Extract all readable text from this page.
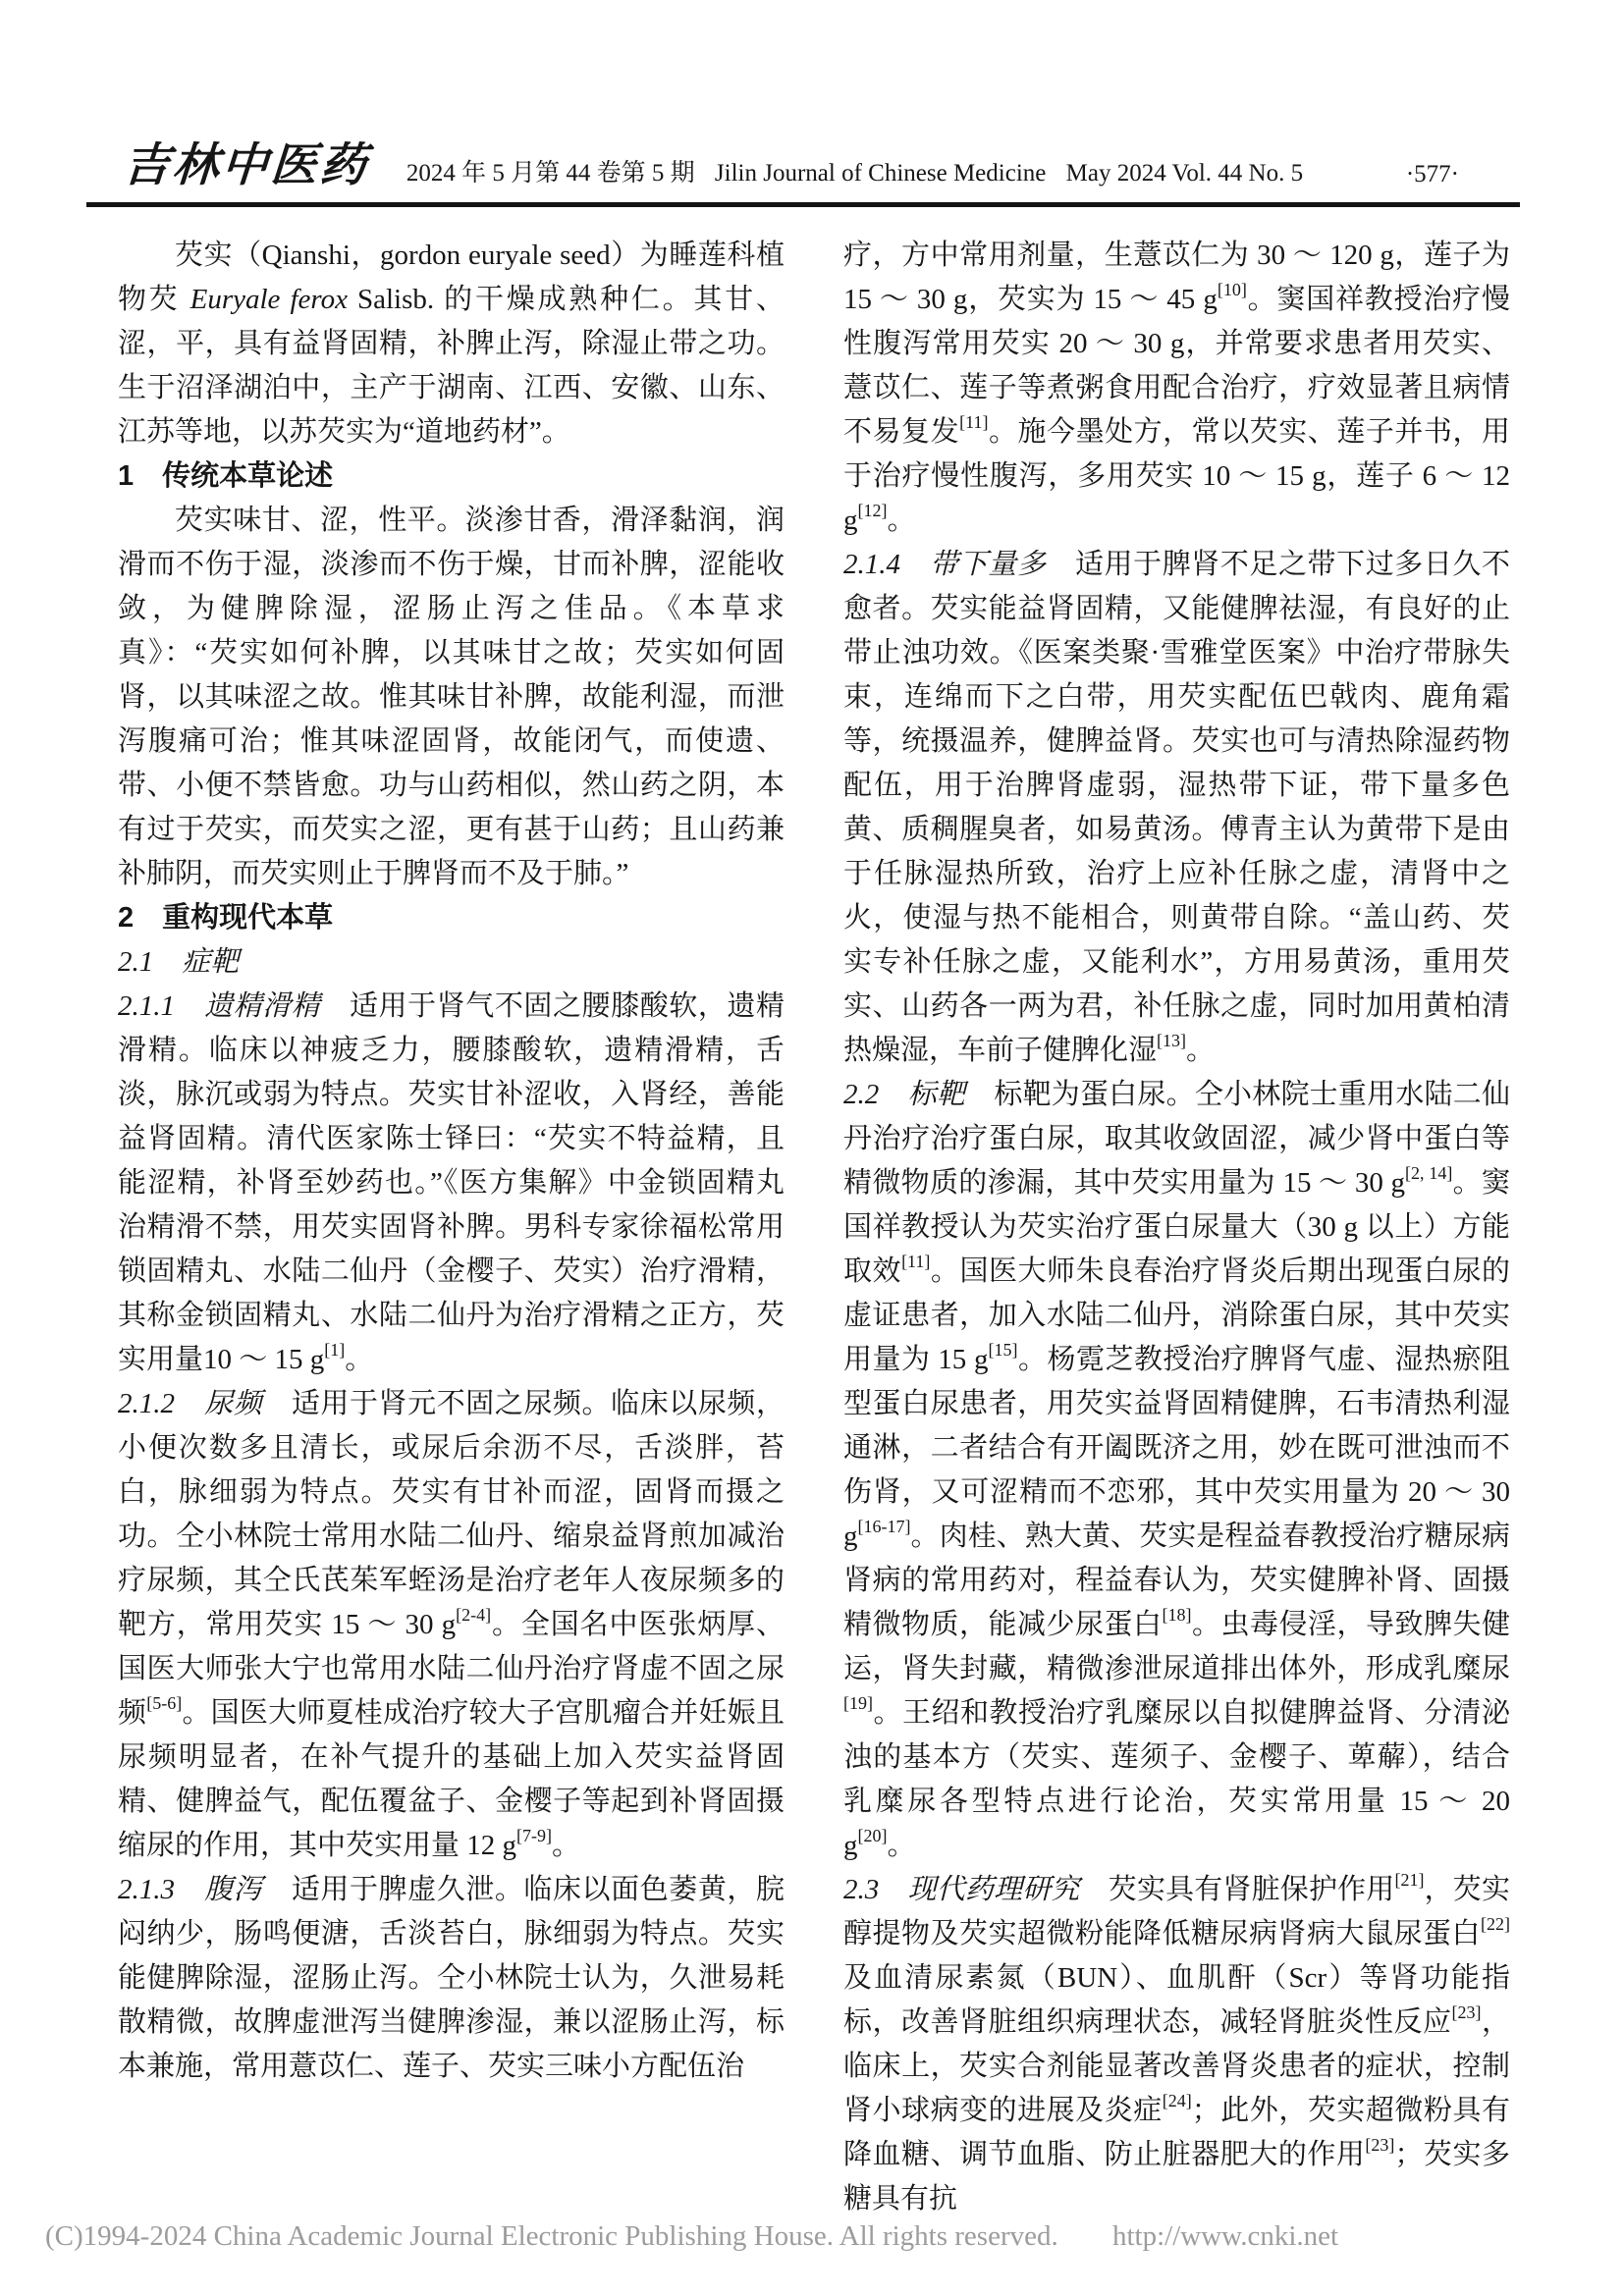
吉林中医药	2024 年 5 月第 44 卷第 5 期 Jilin Journal of Chinese Medicine May 2024 Vol. 44 No. 5	·577·

芡实（Qianshi，gordon euryale seed）为睡莲科植物芡 Euryale ferox Salisb. 的干燥成熟种仁。其甘、涩，平，具有益肾固精，补脾止泻，除湿止带之功。生于沼泽湖泊中，主产于湖南、江西、安徽、山东、江苏等地，以苏芡实为“道地药材”。

1　传统本草论述

芡实味甘、涩，性平。淡渗甘香，滑泽黏润，润滑而不伤于湿，淡渗而不伤于燥，甘而补脾，涩能收敛，为健脾除湿，涩肠止泻之佳品。《本草求真》：“芡实如何补脾，以其味甘之故；芡实如何固肾，以其味涩之故。惟其味甘补脾，故能利湿，而泄泻腹痛可治；惟其味涩固肾，故能闭气，而使遗、带、小便不禁皆愈。功与山药相似，然山药之阴，本有过于芡实，而芡实之涩，更有甚于山药；且山药兼补肺阴，而芡实则止于脾肾而不及于肺。”

2　重构现代本草
2.1　症靶

2.1.1　遗精滑精　适用于肾气不固之腰膝酸软，遗精滑精。临床以神疲乏力，腰膝酸软，遗精滑精，舌淡，脉沉或弱为特点。芡实甘补涩收，入肾经，善能益肾固精。清代医家陈士铎曰：“芡实不特益精，且能涩精，补肾至妙药也。”《医方集解》中金锁固精丸治精滑不禁，用芡实固肾补脾。男科专家徐福松常用锁固精丸、水陆二仙丹（金樱子、芡实）治疗滑精，其称金锁固精丸、水陆二仙丹为治疗滑精之正方，芡实用量10 ～ 15 g[1]。

2.1.2　尿频　适用于肾元不固之尿频。临床以尿频，小便次数多且清长，或尿后余沥不尽，舌淡胖，苔白，脉细弱为特点。芡实有甘补而涩，固肾而摄之功。仝小林院士常用水陆二仙丹、缩泉益肾煎加减治疗尿频，其仝氏芪茱军蛭汤是治疗老年人夜尿频多的靶方，常用芡实 15 ～ 30 g[2-4]。全国名中医张炳厚、国医大师张大宁也常用水陆二仙丹治疗肾虚不固之尿频[5-6]。国医大师夏桂成治疗较大子宫肌瘤合并妊娠且尿频明显者，在补气提升的基础上加入芡实益肾固精、健脾益气，配伍覆盆子、金樱子等起到补肾固摄缩尿的作用，其中芡实用量 12 g[7-9]。

2.1.3　腹泻　适用于脾虚久泄。临床以面色萎黄，脘闷纳少，肠鸣便溏，舌淡苔白，脉细弱为特点。芡实能健脾除湿，涩肠止泻。仝小林院士认为，久泄易耗散精微，故脾虚泄泻当健脾渗湿，兼以涩肠止泻，标本兼施，常用薏苡仁、莲子、芡实三味小方配伍治

疗，方中常用剂量，生薏苡仁为 30 ～ 120 g，莲子为15 ～ 30 g，芡实为 15 ～ 45 g[10]。窦国祥教授治疗慢性腹泻常用芡实 20 ～ 30 g，并常要求患者用芡实、薏苡仁、莲子等煮粥食用配合治疗，疗效显著且病情不易复发[11]。施今墨处方，常以芡实、莲子并书，用于治疗慢性腹泻，多用芡实 10 ～ 15 g，莲子 6 ～ 12 g[12]。

2.1.4　带下量多　适用于脾肾不足之带下过多日久不愈者。芡实能益肾固精，又能健脾祛湿，有良好的止带止浊功效。《医案类聚·雪雅堂医案》中治疗带脉失束，连绵而下之白带，用芡实配伍巴戟肉、鹿角霜等，统摄温养，健脾益肾。芡实也可与清热除湿药物配伍，用于治脾肾虚弱，湿热带下证，带下量多色黄、质稠腥臭者，如易黄汤。傅青主认为黄带下是由于任脉湿热所致，治疗上应补任脉之虚，清肾中之火，使湿与热不能相合，则黄带自除。“盖山药、芡实专补任脉之虚，又能利水”，方用易黄汤，重用芡实、山药各一两为君，补任脉之虚，同时加用黄柏清热燥湿，车前子健脾化湿[13]。

2.2　标靶　标靶为蛋白尿。仝小林院士重用水陆二仙丹治疗治疗蛋白尿，取其收敛固涩，减少肾中蛋白等精微物质的渗漏，其中芡实用量为 15 ～ 30 g[2, 14]。窦国祥教授认为芡实治疗蛋白尿量大（30 g 以上）方能取效[11]。国医大师朱良春治疗肾炎后期出现蛋白尿的虚证患者，加入水陆二仙丹，消除蛋白尿，其中芡实用量为 15 g[15]。杨霓芝教授治疗脾肾气虚、湿热瘀阻型蛋白尿患者，用芡实益肾固精健脾，石韦清热利湿通淋，二者结合有开阖既济之用，妙在既可泄浊而不伤肾，又可涩精而不恋邪，其中芡实用量为 20 ～ 30 g[16-17]。肉桂、熟大黄、芡实是程益春教授治疗糖尿病肾病的常用药对，程益春认为，芡实健脾补肾、固摄精微物质，能减少尿蛋白[18]。虫毒侵淫，导致脾失健运，肾失封藏，精微渗泄尿道排出体外，形成乳糜尿[19]。王绍和教授治疗乳糜尿以自拟健脾益肾、分清泌浊的基本方（芡实、莲须子、金樱子、萆薢），结合乳糜尿各型特点进行论治，芡实常用量 15 ～ 20 g[20]。

2.3　现代药理研究　芡实具有肾脏保护作用[21]，芡实醇提物及芡实超微粉能降低糖尿病肾病大鼠尿蛋白[22]及血清尿素氮（BUN）、血肌酐（Scr）等肾功能指标，改善肾脏组织病理状态，减轻肾脏炎性反应[23]，临床上，芡实合剂能显著改善肾炎患者的症状，控制肾小球病变的进展及炎症[24]；此外，芡实超微粉具有降血糖、调节血脂、防止脏器肥大的作用[23]；芡实多糖具有抗

(C)1994-2024 China Academic Journal Electronic Publishing House. All rights reserved. http://www.cnki.net
